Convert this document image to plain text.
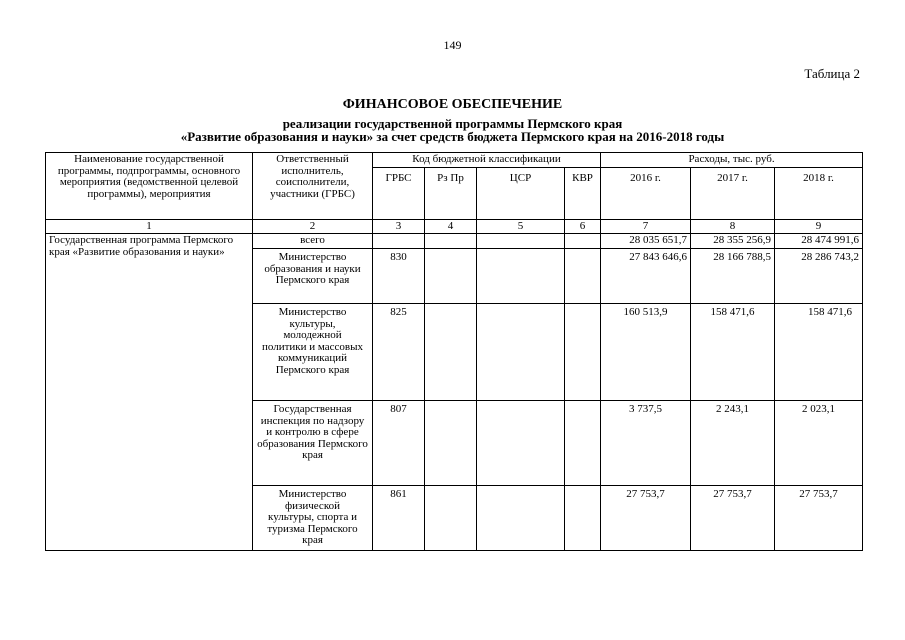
149
Таблица 2
ФИНАНСОВОЕ ОБЕСПЕЧЕНИЕ
реализации государственной программы Пермского края
«Развитие образования и науки» за счет средств бюджета Пермского края на 2016-2018 годы
Наименование государственной программы, подпрограммы, основного мероприятия (ведомственной целевой программы), мероприятия	Ответственный исполнитель, соисполнители, участники (ГРБС)	Код бюджетной классификации				Расходы, тыс. руб.		
		ГРБС	Рз Пр	ЦСР	КВР	2016 г.	2017 г.	2018 г.
1	2	3	4	5	6	7	8	9
Государственная программа Пермского края «Развитие образования и науки»	всего					28 035 651,7	28 355 256,9	28 474 991,6
	Министерство образования и науки Пермского края	830				27 843 646,6	28 166 788,5	28 286 743,2
	Министерство культуры, молодежной политики и массовых коммуникаций Пермского края	825				160 513,9	158 471,6	158 471,6
	Государственная инспекция по надзору и контролю в сфере образования Пермского края	807				3 737,5	2 243,1	2 023,1
	Министерство физической культуры, спорта и туризма Пермского края	861				27 753,7	27 753,7	27 753,7
